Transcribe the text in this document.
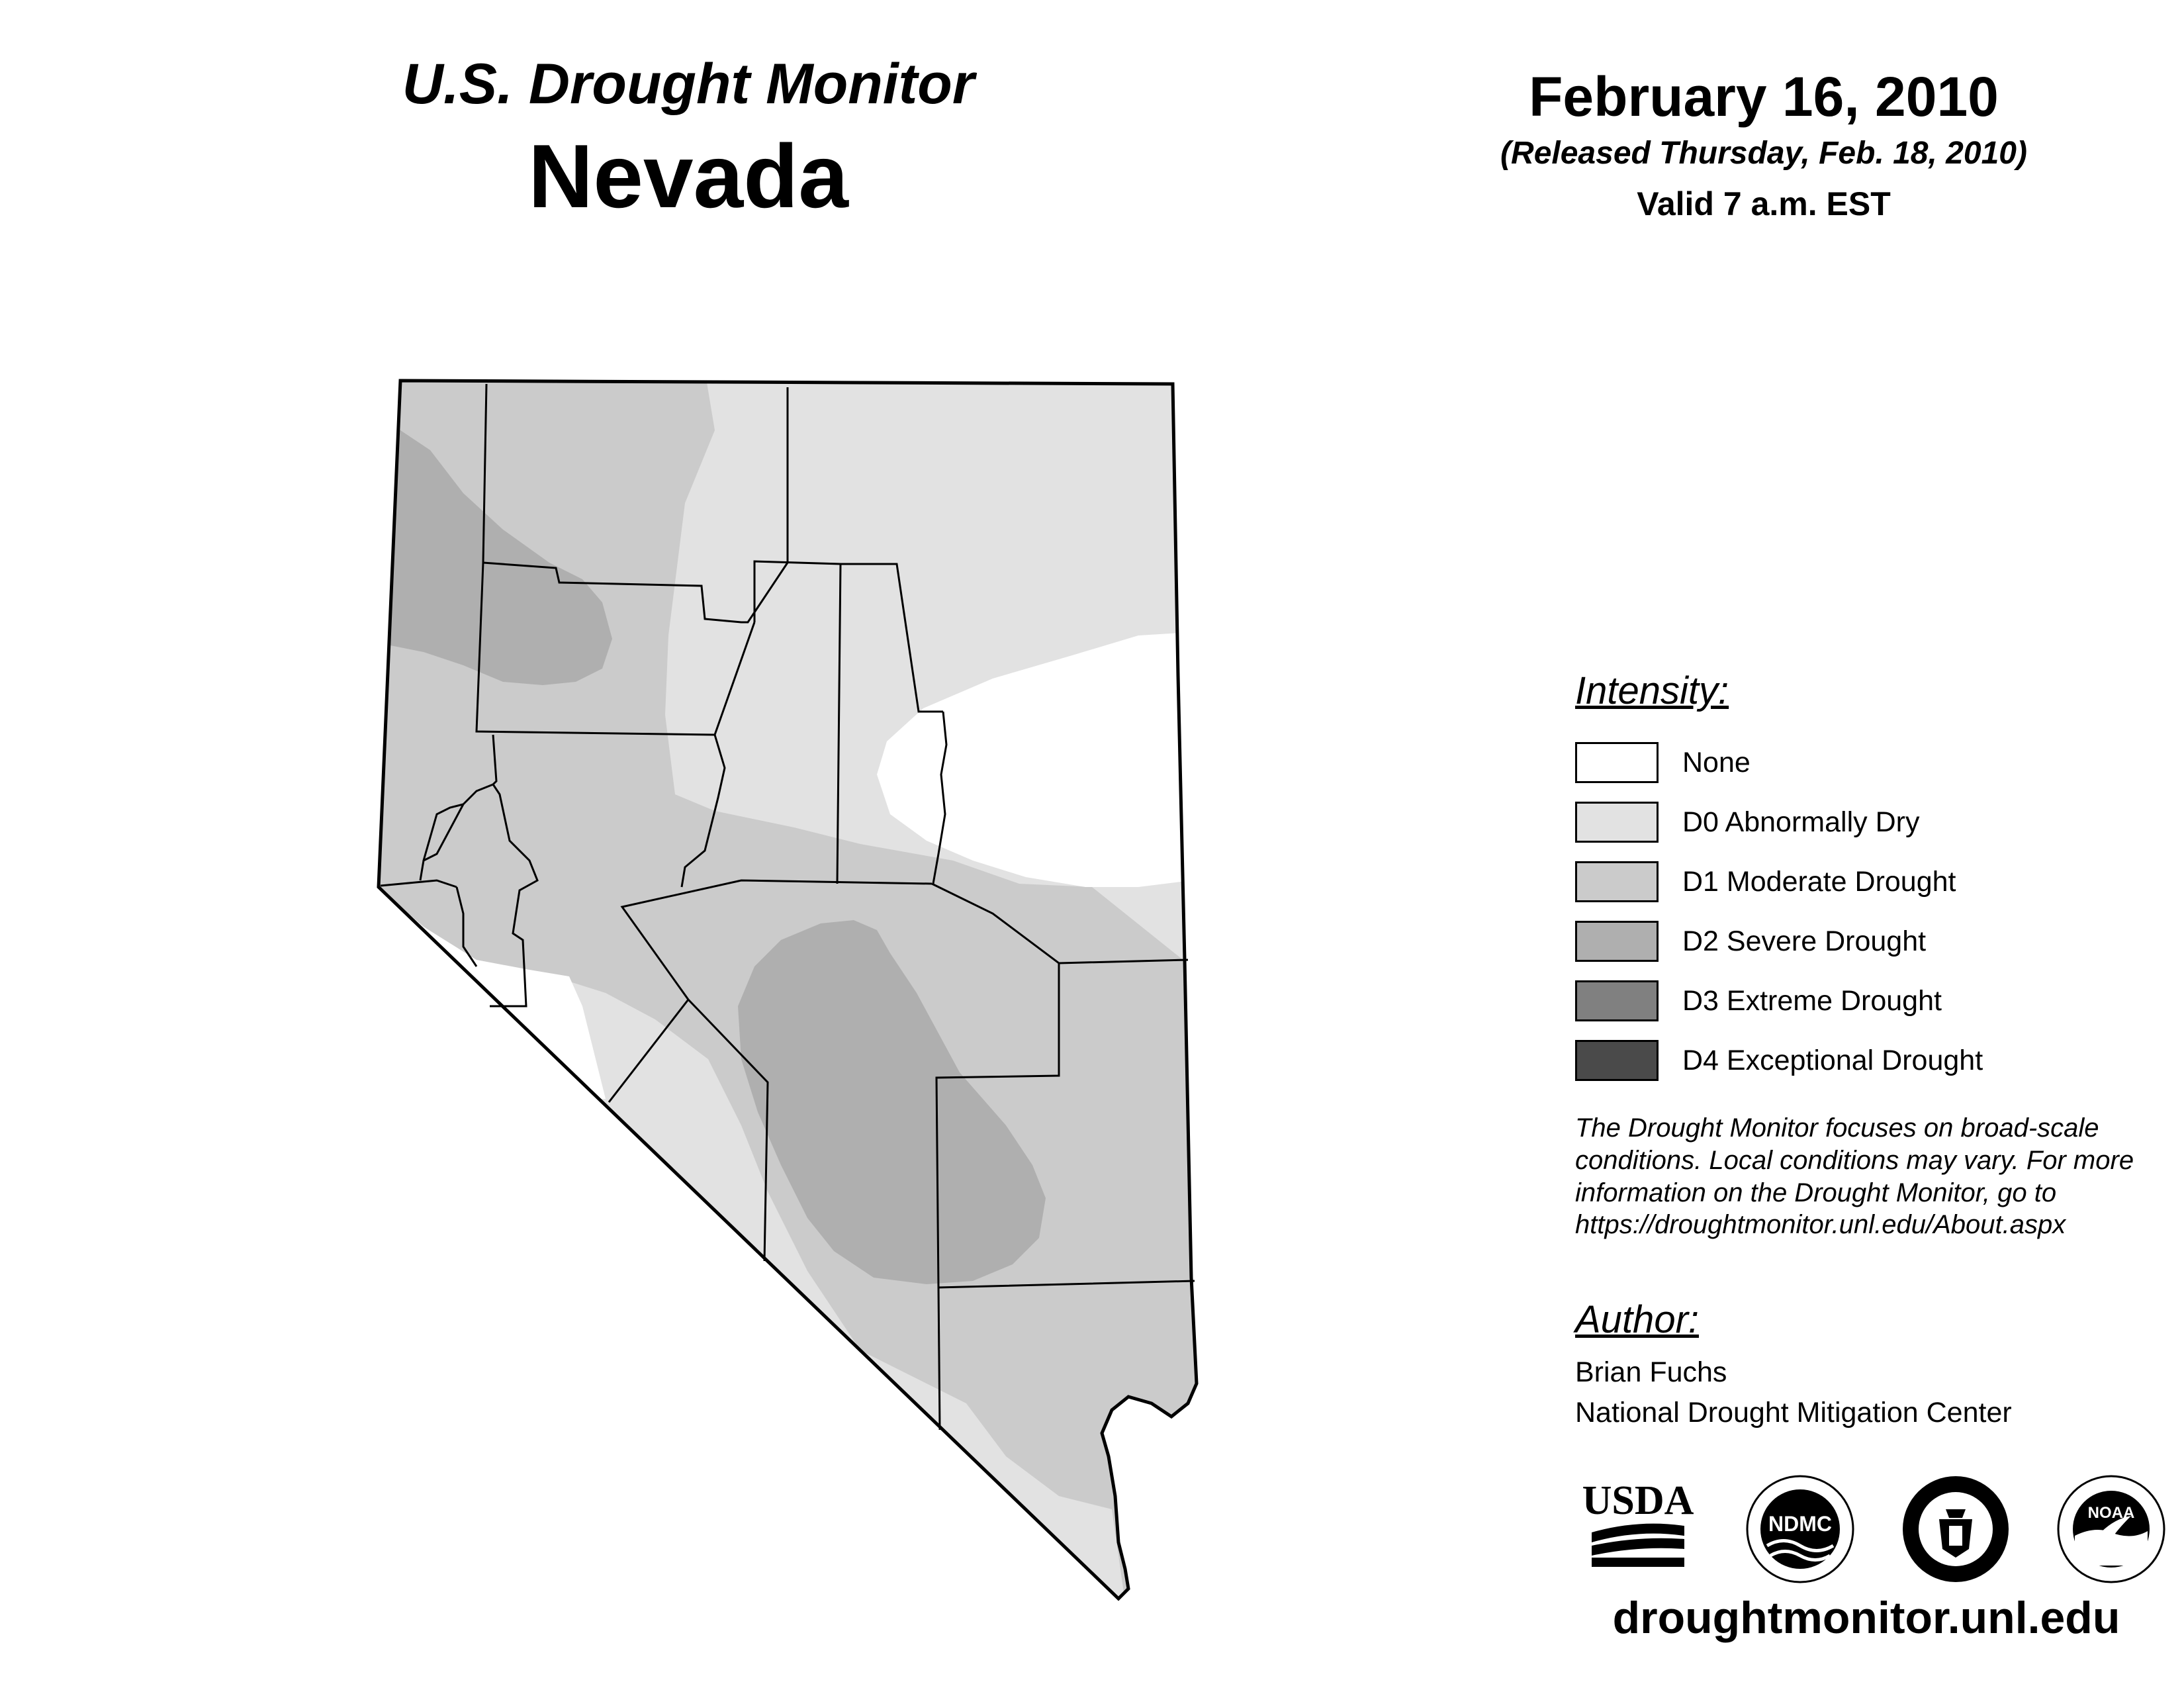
U.S. Drought Monitor
Nevada
February 16, 2010
(Released Thursday, Feb. 18, 2010)
Valid 7 a.m. EST
Intensity:
None
D0 Abnormally Dry
D1 Moderate Drought
D2 Severe Drought
D3 Extreme Drought
D4 Exceptional Drought
The Drought Monitor focuses on broad-scale
conditions. Local conditions may vary. For more
information on the Drought Monitor, go to
https://droughtmonitor.unl.edu/About.aspx
Author:
Brian Fuchs
National Drought Mitigation Center
USDA
NDMC	NOAA
droughtmonitor.unl.edu
